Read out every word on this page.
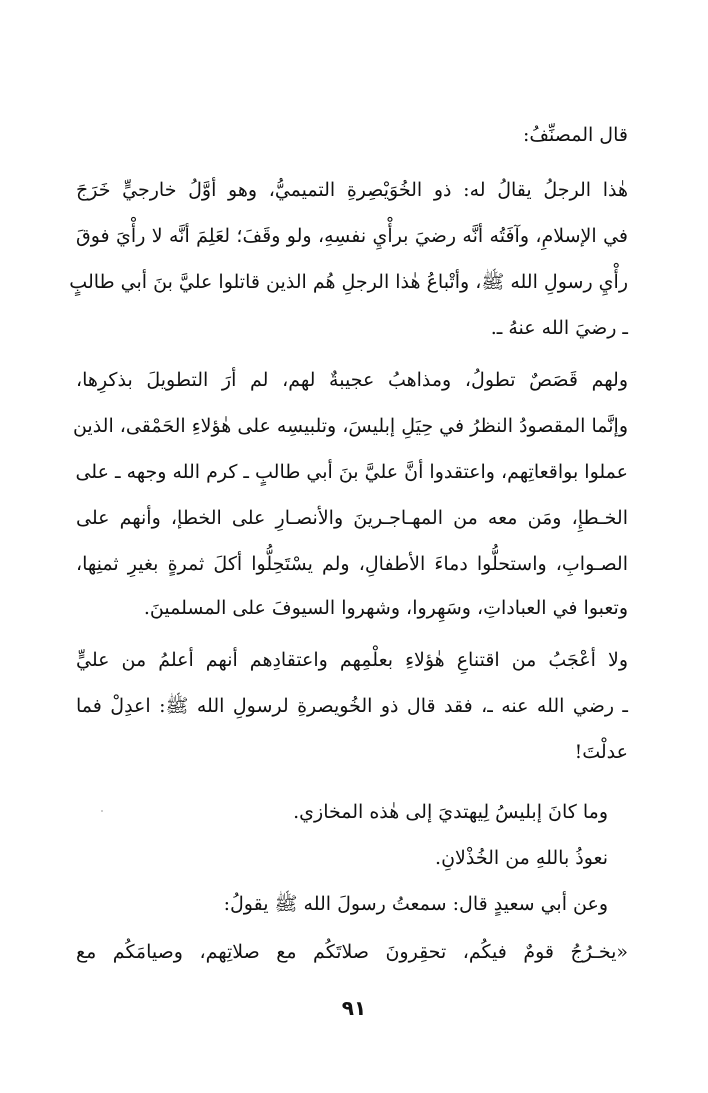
قال المصنِّفُ:
هٰذا الرجلُ يقالُ له: ذو الخُوَيْصِرةِ التميميُّ، وهو أوَّلُ خارجيٍّ خَرَجَ
في الإسلامِ، وآفَتُه أنَّه رضيَ برأْيِ نفسِهِ، ولو وقَفَ؛ لعَلِمَ أنَّه لا رأْيَ فوقَ
رأْيِ رسولِ الله ﷺ، وأتْباعُ هٰذا الرجلِ هُم الذين قاتلوا عليَّ بنَ أبي طالبٍ
ـ رضيَ الله عنهُ ـ.
ولهم قَصَصٌ تطولُ، ومذاهبُ عجيبةٌ لهم، لم أرَ التطويلَ بذكرِها،
وإنَّما المقصودُ النظرُ في حِيَلِ إبليسَ، وتلبيسِه على هٰؤلاءِ الحَمْقى، الذين
عملوا بواقعاتِهم، واعتقدوا أنَّ عليَّ بنَ أبي طالبٍ ـ كرم الله وجهه ـ على
الخـطإِ، ومَن معه من المهـاجـرينَ والأنصـارِ على الخطإ، وأنهم على
الصـوابِ، واستحلُّوا دماءَ الأطفالِ، ولم يسْتَحِلُّوا أكلَ ثمرةٍ بغيرِ ثمنِها،
وتعبوا في العباداتِ، وسَهِروا، وشهروا السيوفَ على المسلمينَ.
ولا أعْجَبُ من اقتناعِ هٰؤلاءِ بعلْمِهم واعتقادِهم أنهم أعلمُ من عليٍّ
ـ رضي الله عنه ـ، فقد قال ذو الخُويصرةِ لرسولِ الله ﷺ: اعدِلْ فما
عدلْتَ!
وما كانَ إبليسُ لِيهتديَ إلى هٰذه المخازي.
نعوذُ باللهِ من الخُذْلانِ.
وعن أبي سعيدٍ قال: سمعتُ رسولَ الله ﷺ يقولُ:
«يخـرُجُ قومٌ فيكُم، تحقِرونَ صلاتَكُم مع صلاتِهم، وصيامَكُم مع
٩١
